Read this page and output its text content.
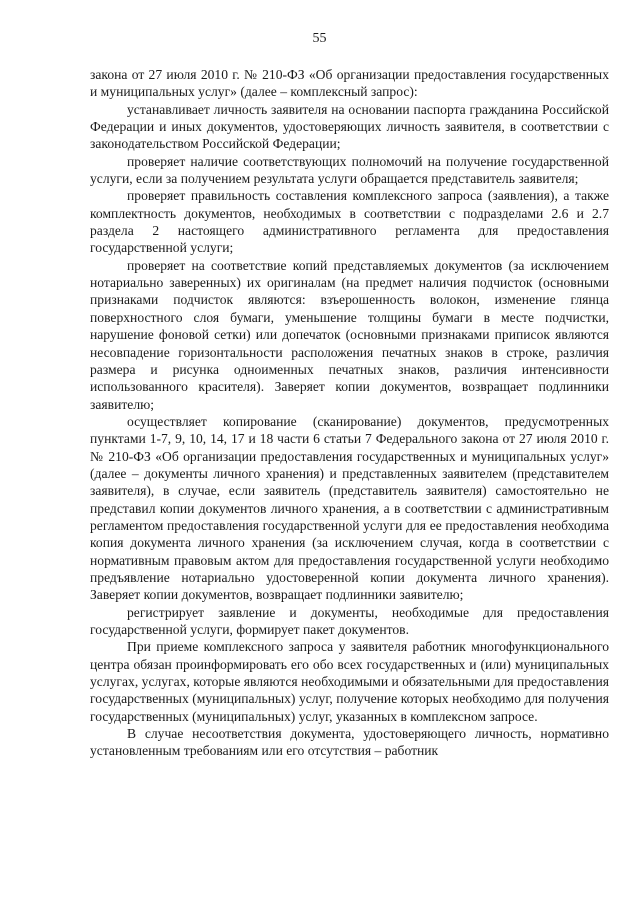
55

закона от 27 июля 2010 г. № 210-ФЗ «Об организации предоставления государственных и муниципальных услуг» (далее – комплексный запрос):

устанавливает личность заявителя на основании паспорта гражданина Российской Федерации и иных документов, удостоверяющих личность заявителя, в соответствии с законодательством Российской Федерации;

проверяет наличие соответствующих полномочий на получение государственной услуги, если за получением результата услуги обращается представитель заявителя;

проверяет правильность составления комплексного запроса (заявления), а также комплектность документов, необходимых в соответствии с подразделами 2.6 и 2.7 раздела 2 настоящего административного регламента для предоставления государственной услуги;

проверяет на соответствие копий представляемых документов (за исключением нотариально заверенных) их оригиналам (на предмет наличия подчисток (основными признаками подчисток являются: взъерошенность волокон, изменение глянца поверхностного слоя бумаги, уменьшение толщины бумаги в месте подчистки, нарушение фоновой сетки) или допечаток (основными признаками приписок являются несовпадение горизонтальности расположения печатных знаков в строке, различия размера и рисунка одноименных печатных знаков, различия интенсивности использованного красителя). Заверяет копии документов, возвращает подлинники заявителю;

осуществляет копирование (сканирование) документов, предусмотренных пунктами 1-7, 9, 10, 14, 17 и 18 части 6 статьи 7 Федерального закона от 27 июля 2010 г. № 210-ФЗ «Об организации предоставления государственных и муниципальных услуг» (далее – документы личного хранения) и представленных заявителем (представителем заявителя), в случае, если заявитель (представитель заявителя) самостоятельно не представил копии документов личного хранения, а в соответствии с административным регламентом предоставления государственной услуги для ее предоставления необходима копия документа личного хранения (за исключением случая, когда в соответствии с нормативным правовым актом для предоставления государственной услуги необходимо предъявление нотариально удостоверенной копии документа личного хранения). Заверяет копии документов, возвращает подлинники заявителю;

регистрирует заявление и документы, необходимые для предоставления государственной услуги, формирует пакет документов.

При приеме комплексного запроса у заявителя работник многофункционального центра обязан проинформировать его обо всех государственных и (или) муниципальных услугах, услугах, которые являются необходимыми и обязательными для предоставления государственных (муниципальных) услуг, получение которых необходимо для получения государственных (муниципальных) услуг, указанных в комплексном запросе.

В случае несоответствия документа, удостоверяющего личность, нормативно установленным требованиям или его отсутствия – работник
